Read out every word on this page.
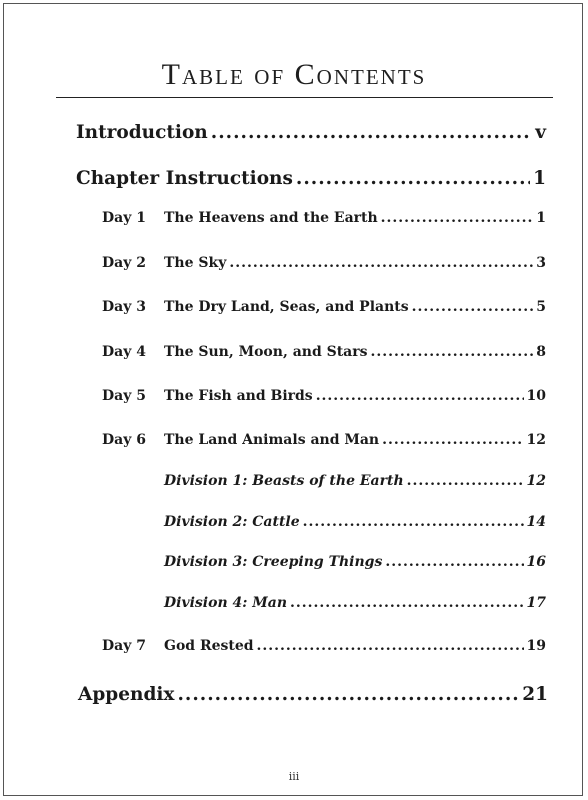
Table of Contents
Introduction .....	v
Chapter Instructions .....	1
Day 1 The Heavens and the Earth .....	1
Day 2 The Sky .....	3
Day 3 The Dry Land, Seas, and Plants .....	5
Day 4 The Sun, Moon, and Stars .....	8
Day 5 The Fish and Birds .....	10
Day 6 The Land Animals and Man .....	12
Division 1: Beasts of the Earth .....	12
Division 2: Cattle .....	14
Division 3: Creeping Things .....	16
Division 4: Man .....	17
Day 7 God Rested .....	19
Appendix .....	21
iii
